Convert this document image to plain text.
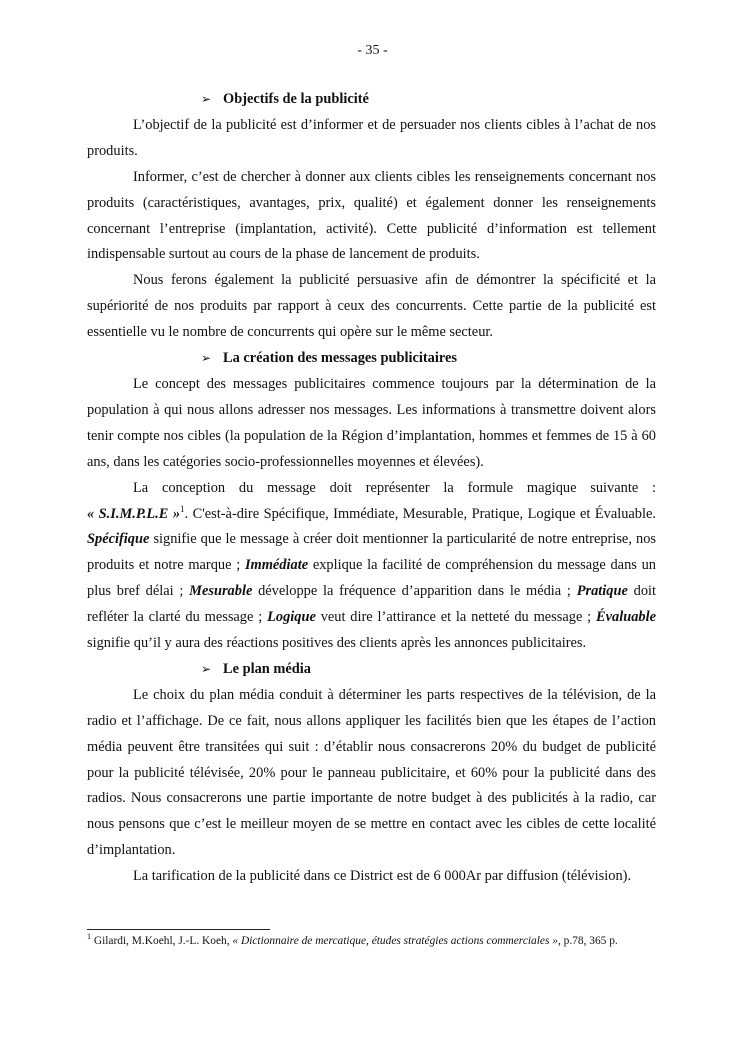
- 35 -
➢ Objectifs de la publicité

L’objectif de la publicité est d’informer et de persuader nos clients cibles à l’achat de nos produits.

Informer, c’est de chercher à donner aux clients cibles les renseignements concernant nos produits (caractéristiques, avantages, prix, qualité) et également donner les renseignements concernant l’entreprise (implantation, activité). Cette publicité d’information est tellement indispensable surtout au cours de la phase de lancement de produits.

Nous ferons également la publicité persuasive afin de démontrer la spécificité et la supériorité de nos produits par rapport à ceux des concurrents. Cette partie de la publicité est essentielle vu le nombre de concurrents qui opère sur le même secteur.

➢ La création des messages publicitaires

Le concept des messages publicitaires commence toujours par la détermination de la population à qui nous allons adresser nos messages. Les informations à transmettre doivent alors tenir compte nos cibles (la population de la Région d’implantation, hommes et femmes de 15 à 60 ans, dans les catégories socio-professionnelles moyennes et élevées).

La conception du message doit représenter la formule magique suivante : « S.I.M.P.L.E »$^1$. C'est-à-dire Spécifique, Immédiate, Mesurable, Pratique, Logique et Évaluable. Spécifique signifie que le message à créer doit mentionner la particularité de notre entreprise, nos produits et notre marque ; Immédiate explique la facilité de compréhension du message dans un plus bref délai ; Mesurable développe la fréquence d’apparition dans le média ; Pratique doit refléter la clarté du message ; Logique veut dire l’attirance et la netteté du message ; Évaluable signifie qu’il y aura des réactions positives des clients après les annonces publicitaires.

➢ Le plan média

Le choix du plan média conduit à déterminer les parts respectives de la télévision, de la radio et l’affichage. De ce fait, nous allons appliquer les facilités bien que les étapes de l’action média peuvent être transitées qui suit : d’établir nous consacrerons 20% du budget de publicité pour la publicité télévisée, 20% pour le panneau publicitaire, et 60% pour la publicité dans des radios. Nous consacrerons une partie importante de notre budget à des publicités à la radio, car nous pensons que c’est le meilleur moyen de se mettre en contact avec les cibles de cette localité d’implantation.

La tarification de la publicité dans ce District est de 6 000Ar par diffusion (télévision).

$^1$ Gilardi, M.Koehl, J.-L. Koeh, « Dictionnaire de mercatique, études stratégies actions commerciales », p.78, 365 p.
